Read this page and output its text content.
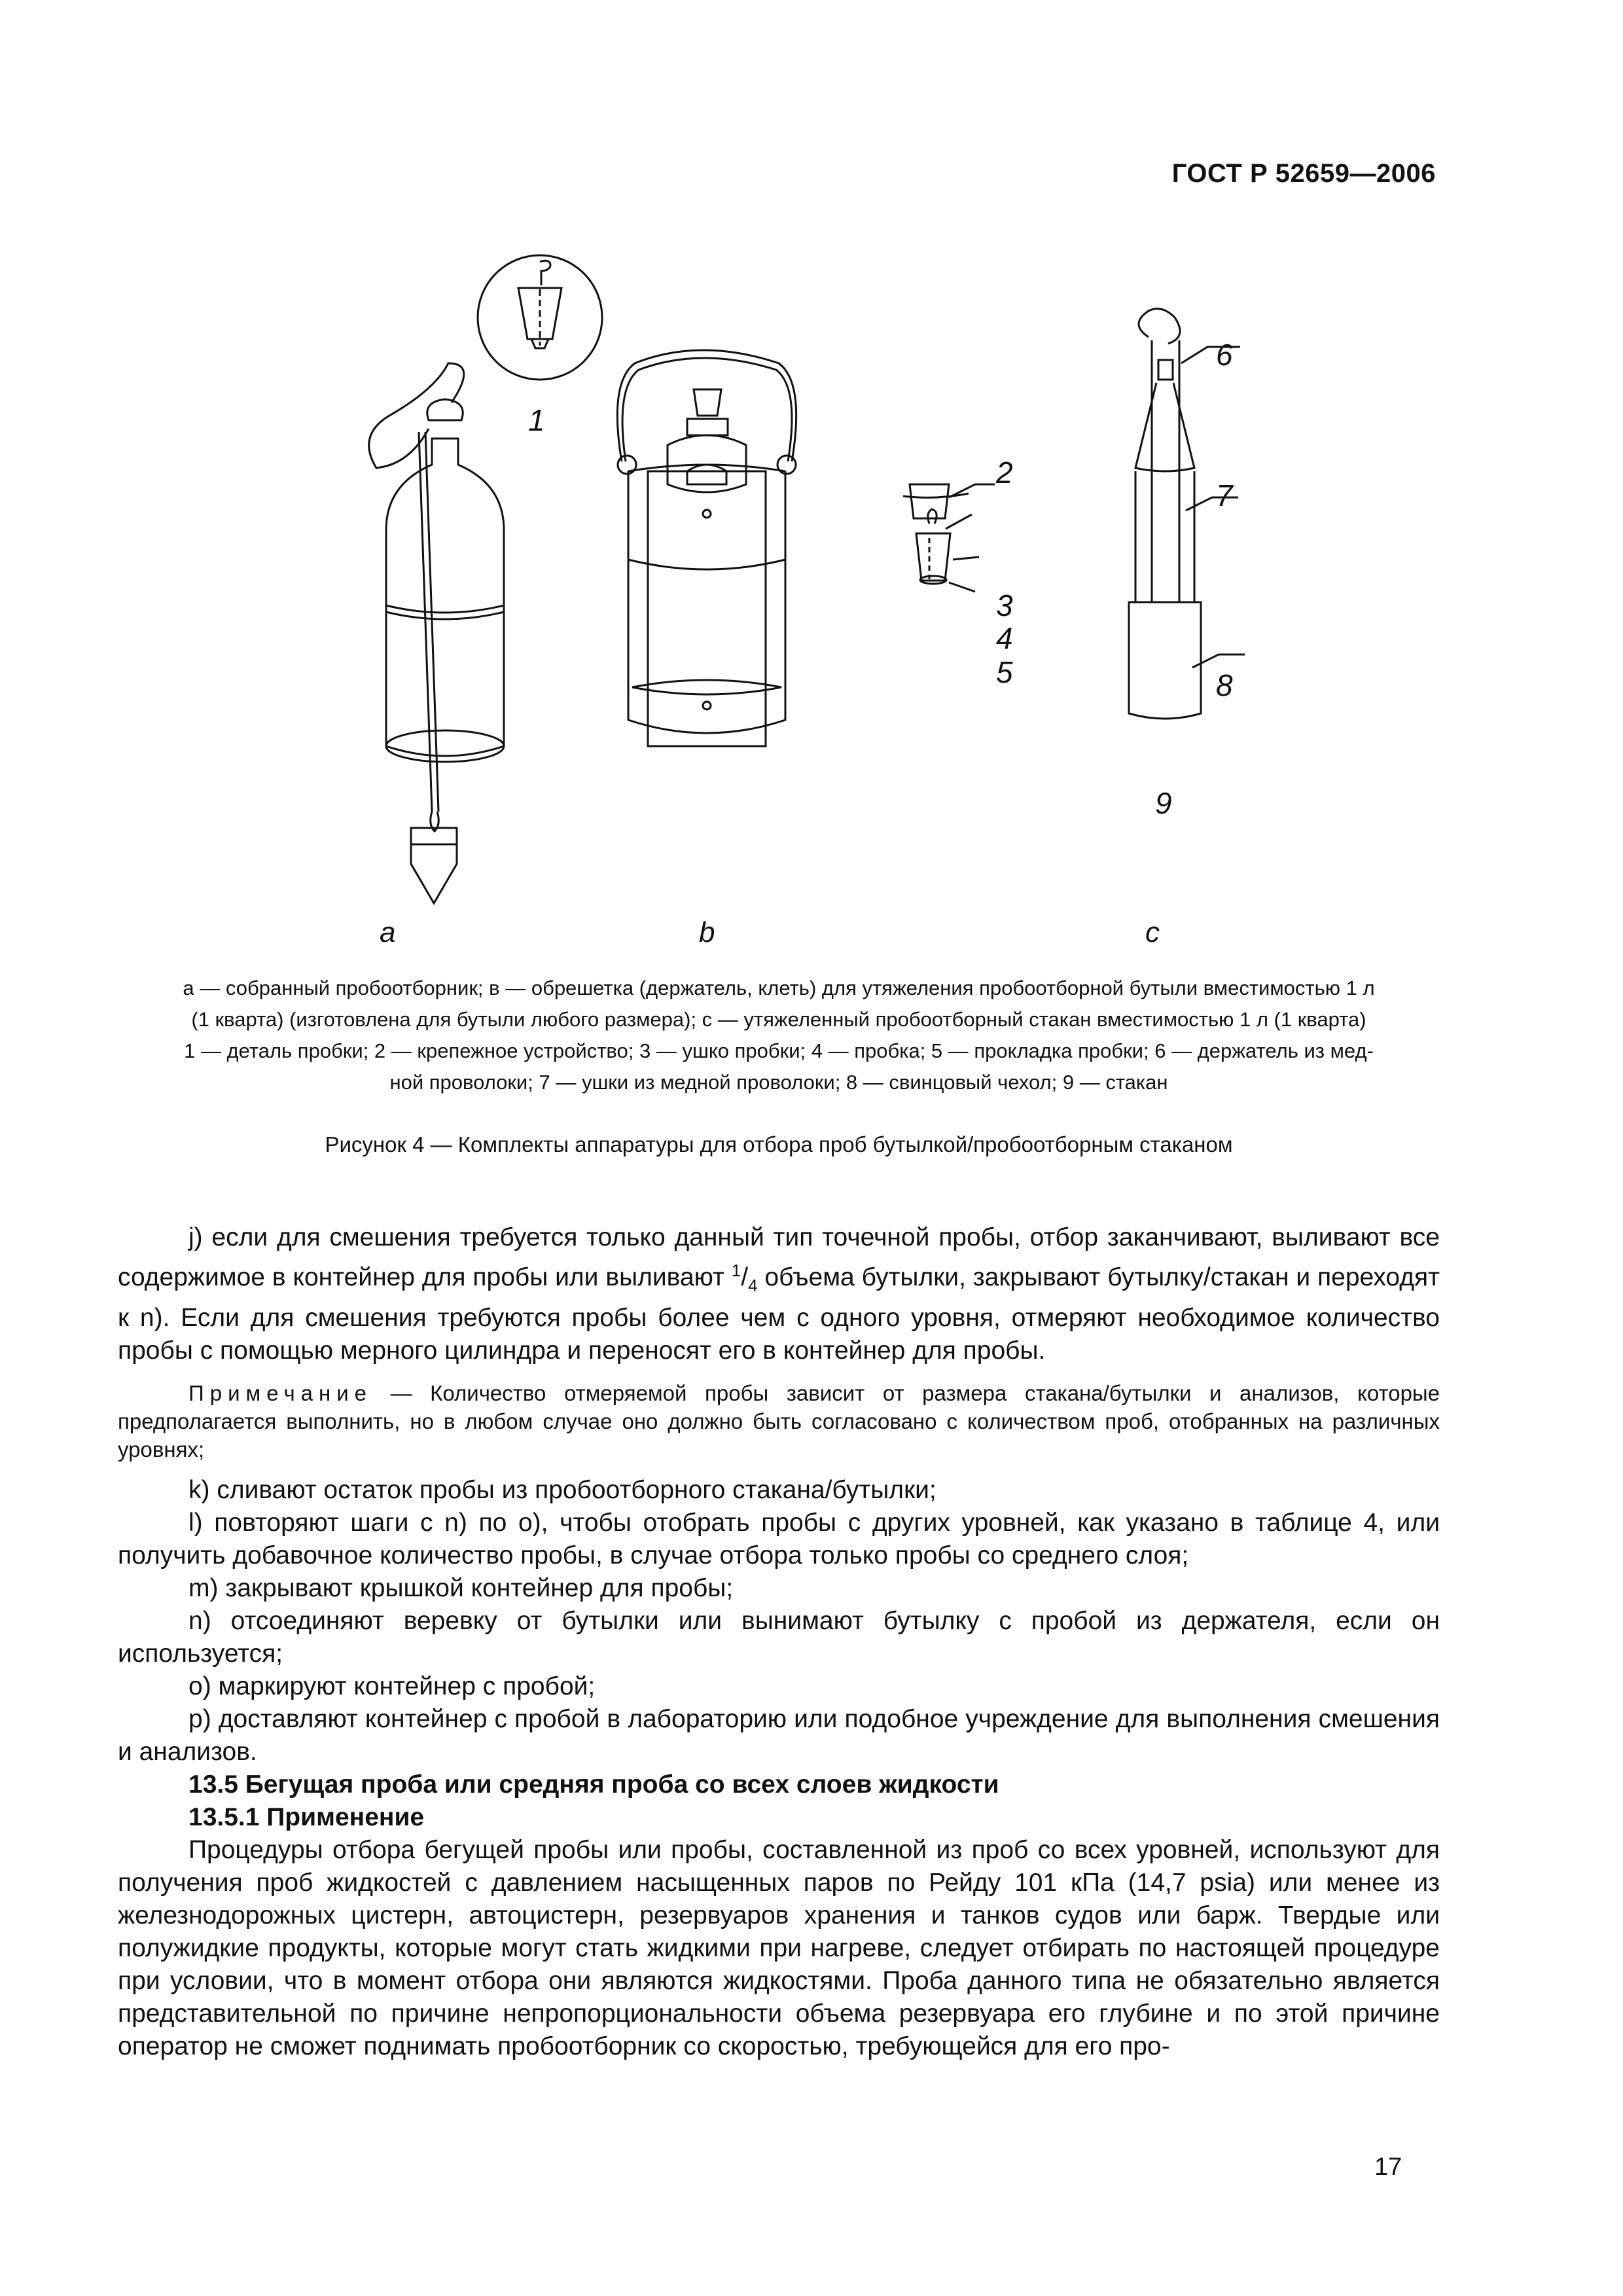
ГОСТ Р 52659—2006
1
2
3
4
5
6
7
8
9
a	b	c

а — собранный пробоотборник; в — обрешетка (держатель, клеть) для утяжеления пробоотборной бутыли вместимостью 1 л

(1 кварта) (изготовлена для бутыли любого размера); с — утяжеленный пробоотборный стакан вместимостью 1 л (1 кварта)

1 — деталь пробки; 2 — крепежное устройство; 3 — ушко пробки; 4 — пробка; 5 — прокладка пробки; 6 — держатель из мед-

ной проволоки; 7 — ушки из медной проволоки; 8 — свинцовый чехол; 9 — стакан

Рисунок 4 — Комплекты аппаратуры для отбора проб бутылкой/пробоотборным стаканом

j) если для смешения требуется только данный тип точечной пробы, отбор заканчивают, выливают все содержимое в контейнер для пробы или выливают $^1/_4$ объема бутылки, закрывают бутылку/стакан и переходят к n). Если для смешения требуются пробы более чем с одного уровня, отмеряют необходимое количество пробы с помощью мерного цилиндра и переносят его в контейнер для пробы.

Примечание — Количество отмеряемой пробы зависит от размера стакана/бутылки и анализов, которые предполагается выполнить, но в любом случае оно должно быть согласовано с количеством проб, отобранных на различных уровнях;

k) сливают остаток пробы из пробоотборного стакана/бутылки;

l) повторяют шаги с n) по о), чтобы отобрать пробы с других уровней, как указано в таблице 4, или получить добавочное количество пробы, в случае отбора только пробы со среднего слоя;

m) закрывают крышкой контейнер для пробы;

n) отсоединяют веревку от бутылки или вынимают бутылку с пробой из держателя, если он используется;

о) маркируют контейнер с пробой;

р) доставляют контейнер с пробой в лабораторию или подобное учреждение для выполнения смешения и анализов.

13.5 Бегущая проба или средняя проба со всех слоев жидкости

13.5.1 Применение

Процедуры отбора бегущей пробы или пробы, составленной из проб со всех уровней, используют для получения проб жидкостей с давлением насыщенных паров по Рейду 101 кПа (14,7 psia) или менее из железнодорожных цистерн, автоцистерн, резервуаров хранения и танков судов или барж. Твердые или полужидкие продукты, которые могут стать жидкими при нагреве, следует отбирать по настоящей процедуре при условии, что в момент отбора они являются жидкостями. Проба данного типа не обязательно является представительной по причине непропорциональности объема резервуара его глубине и по этой причине оператор не сможет поднимать пробоотборник со скоростью, требующейся для его про-

17
